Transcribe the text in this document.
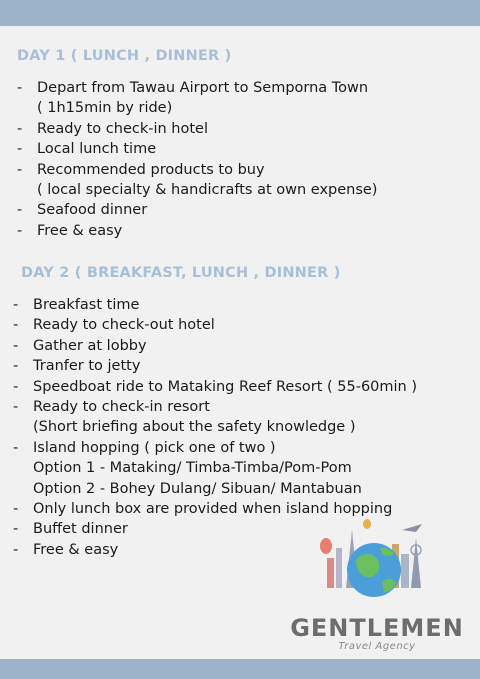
DAY 1 ( LUNCH , DINNER )
- Depart from Tawau Airport to Semporna Town
( 1h15min by ride)
- Ready to check-in hotel
- Local lunch time
- Recommended products to buy
( local specialty & handicrafts at own expense)
- Seafood dinner
- Free & easy
DAY 2 ( BREAKFAST, LUNCH , DINNER )
- Breakfast time
- Ready to check-out hotel
- Gather at lobby
- Tranfer to jetty
- Speedboat ride to Mataking Reef Resort ( 55-60min )
- Ready to check-in resort
(Short briefing about the safety knowledge )
- Island hopping ( pick one of two )
Option 1 - Mataking/ Timba-Timba/Pom-Pom
Option 2 - Bohey Dulang/ Sibuan/ Mantabuan
- Only lunch box are provided when island hopping
- Buffet dinner
- Free & easy
GENTLEMEN
Travel Agency
